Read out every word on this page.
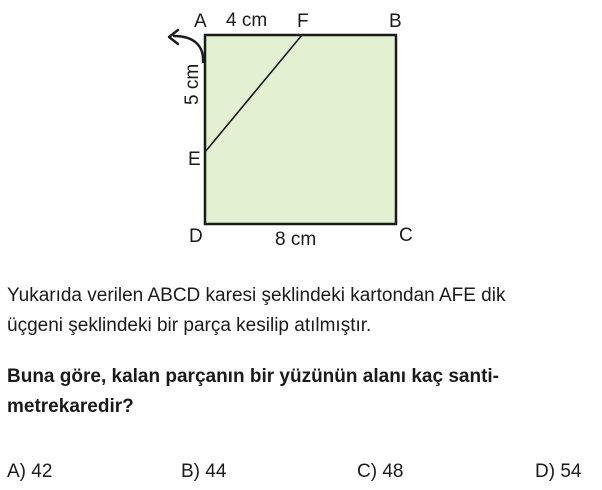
A	F	B
E
D	C
4 cm
5 cm
8 cm
Yukarıda verilen ABCD karesi şeklindeki kartondan AFE dik
üçgeni şeklindeki bir parça kesilip atılmıştır.
Buna göre, kalan parçanın bir yüzünün alanı kaç santi-
metrekaredir?
A) 42	B) 44	C) 48	D) 54
